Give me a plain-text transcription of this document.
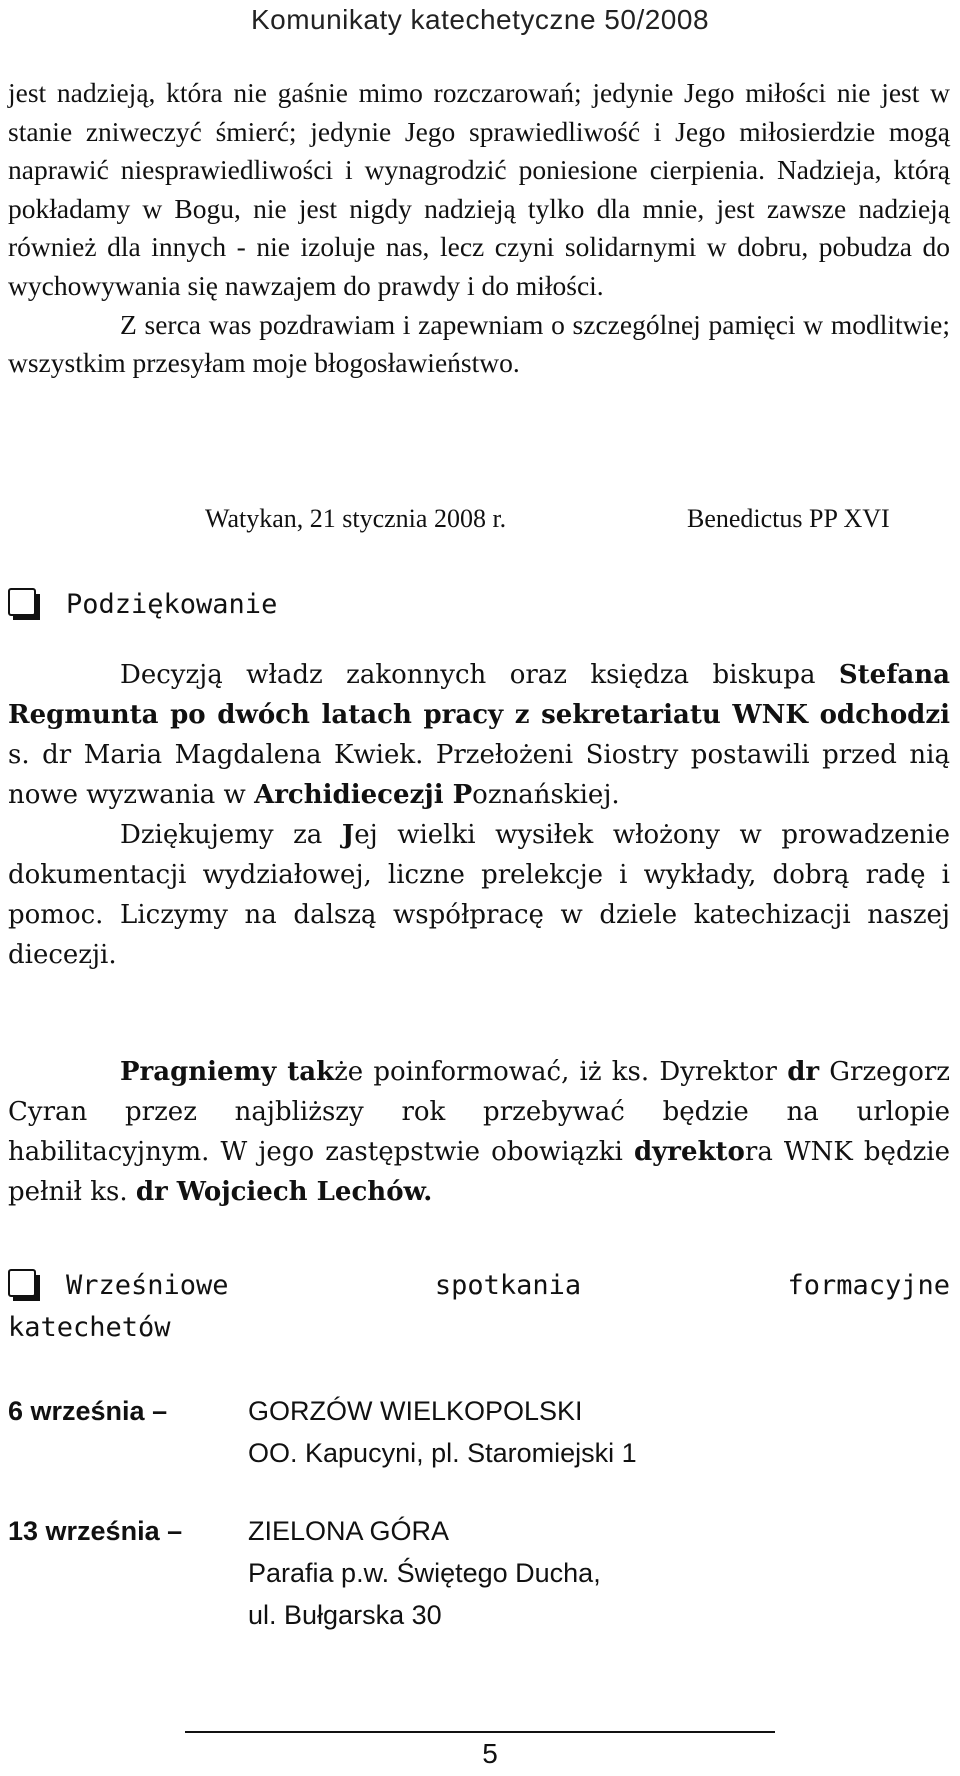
Komunikaty katechetyczne 50/2008

jest nadzieją, która nie gaśnie mimo rozczarowań; jedynie Jego miłości nie jest w stanie zniweczyć śmierć; jedynie Jego sprawiedliwość i Jego miłosierdzie mogą naprawić niesprawiedliwości i wynagrodzić poniesione cierpienia. Nadzieja, którą pokładamy w Bogu, nie jest nigdy nadzieją tylko dla mnie, jest zawsze nadzieją również dla innych - nie izoluje nas, lecz czyni solidarnymi w dobru, pobudza do wychowywania się nawzajem do prawdy i do miłości.

Z serca was pozdrawiam i zapewniam o szczególnej pamięci w modlitwie; wszystkim przesyłam moje błogosławieństwo.

Watykan, 21 stycznia 2008 r.	Benedictus PP XVI
Podziękowanie

Decyzją władz zakonnych oraz księdza biskupa Stefana Regmunta po dwóch latach pracy z sekretariatu WNK odchodzi s. dr Maria Magdalena Kwiek. Przełożeni Siostry postawili przed nią nowe wyzwania w Archidiecezji Poznańskiej.

Dziękujemy za Jej wielki wysiłek włożony w prowadzenie dokumentacji wydziałowej, liczne prelekcje i wykłady, dobrą radę i pomoc. Liczymy na dalszą współpracę w dziele katechizacji naszej diecezji.

Pragniemy także poinformować, iż ks. Dyrektor dr Grzegorz Cyran przez najbliższy rok przebywać będzie na urlopie habilitacyjnym. W jego zastępstwie obowiązki dyrektora WNK będzie pełnił ks. dr Wojciech Lechów.

Wrześniowe	spotkania	formacyjne
katechetów
6 września –	GORZÓW WIELKOPOLSKI
OO. Kapucyni, pl. Staromiejski 1
13 września – ZIELONA GÓRA
Parafia p.w. Świętego Ducha,
ul. Bułgarska 30
5
